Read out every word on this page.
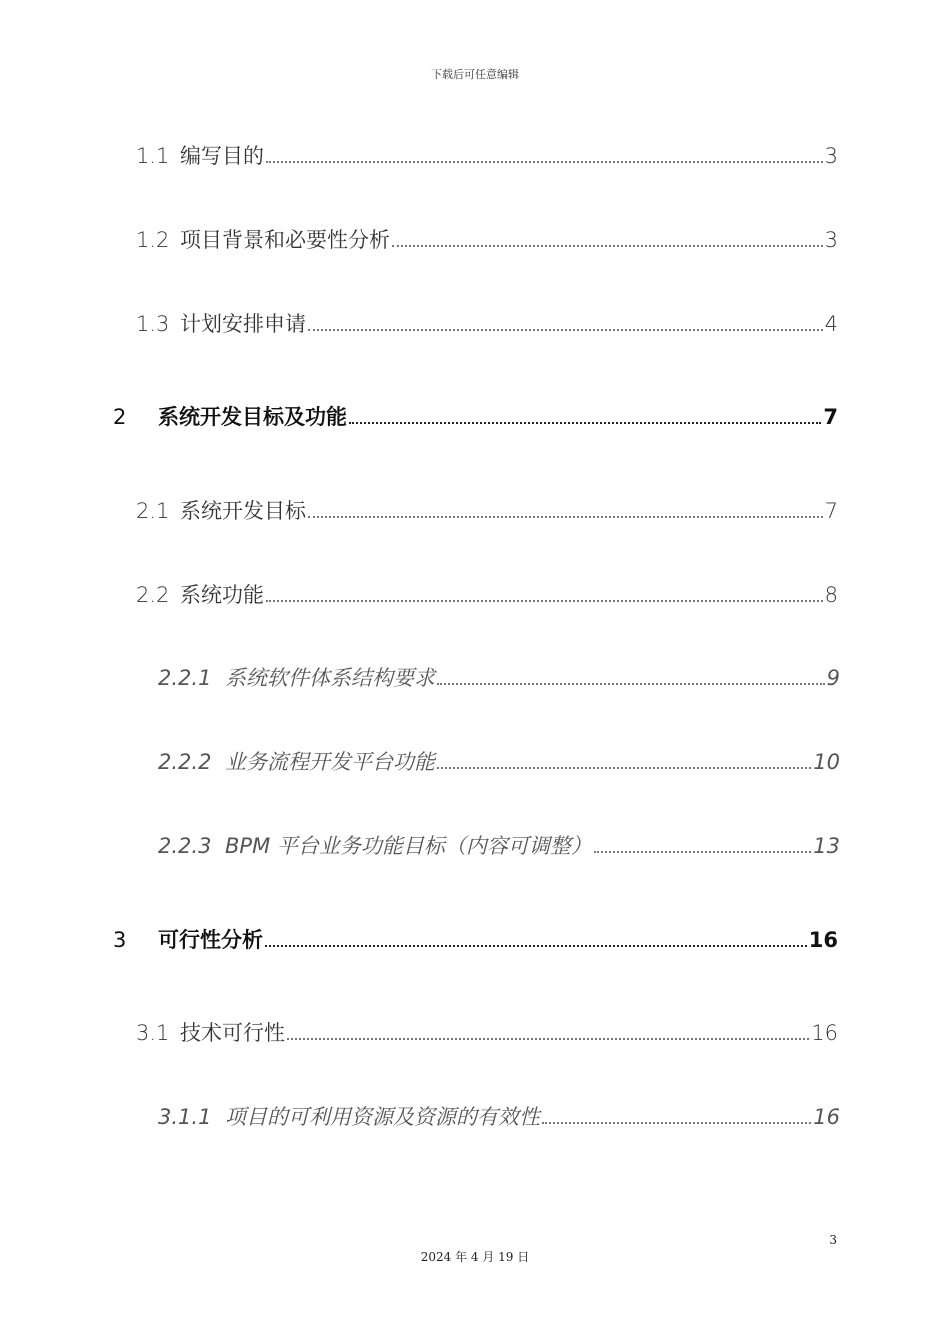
下载后可任意编辑
1.1 编写目的	3
1.2 项目背景和必要性分析	3
1.3 计划安排申请	4
2	系统开发目标及功能	7
2.1 系统开发目标	7
2.2 系统功能	8
2.2.1 系统软件体系结构要求	9
2.2.2 业务流程开发平台功能	10
2.2.3 BPM 平台业务功能目标（内容可调整）	13
3	可行性分析	16
3.1 技术可行性	16
3.1.1 项目的可利用资源及资源的有效性	16
3
2024 年 4 月 19 日
